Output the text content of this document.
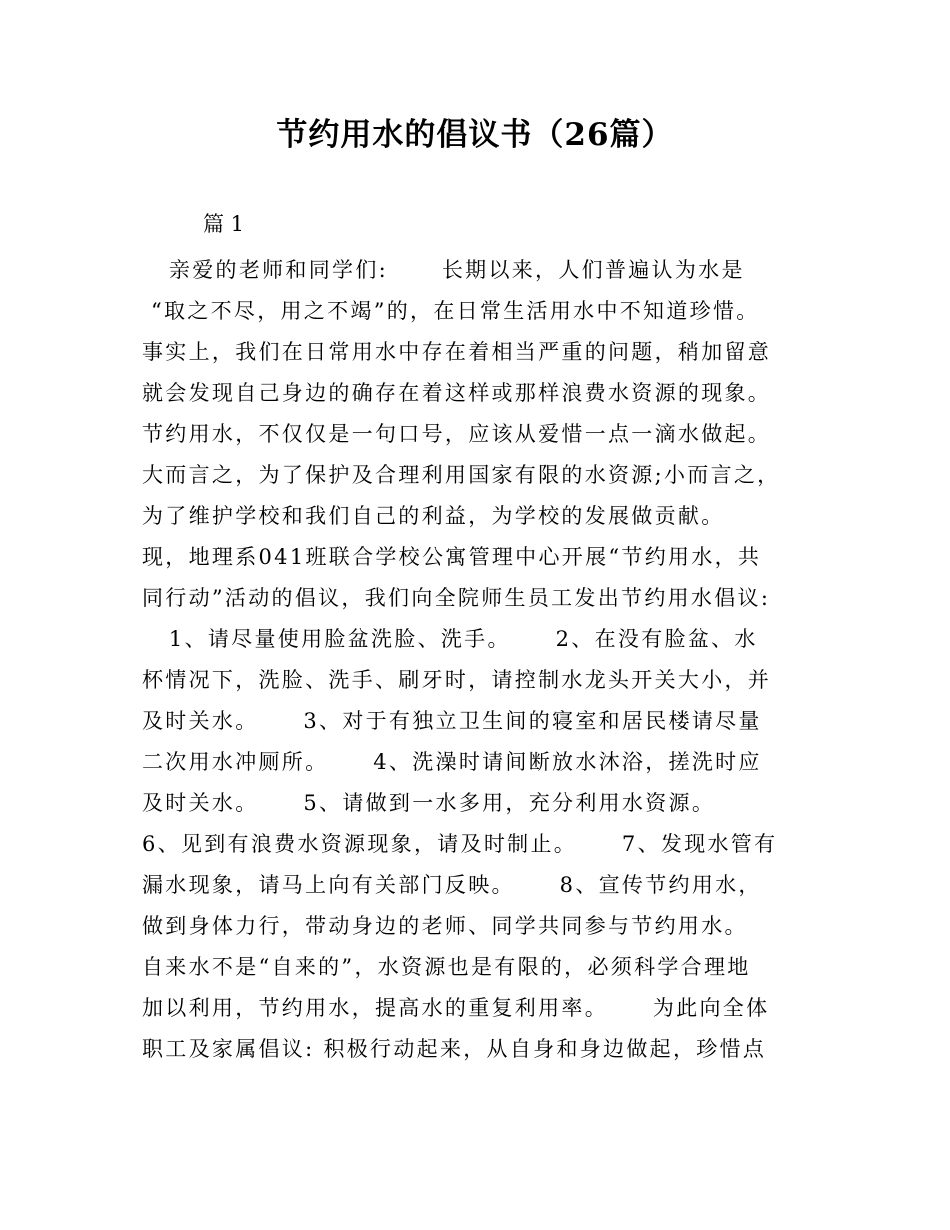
节约用水的倡议书（26篇）
篇 1
亲爱的老师和同学们:      长期以来，人们普遍认为水是
“取之不尽，用之不竭”的，在日常生活用水中不知道珍惜。
事实上，我们在日常用水中存在着相当严重的问题，稍加留意
就会发现自己身边的确存在着这样或那样浪费水资源的现象。
节约用水，不仅仅是一句口号，应该从爱惜一点一滴水做起。
大而言之，为了保护及合理利用国家有限的水资源;小而言之，
为了维护学校和我们自己的利益，为学校的发展做贡献。
现，地理系041班联合学校公寓管理中心开展“节约用水，共
同行动”活动的倡议，我们向全院师生员工发出节约用水倡议:
1、请尽量使用脸盆洗脸、洗手。     2、在没有脸盆、水
杯情况下，洗脸、洗手、刷牙时，请控制水龙头开关大小，并
及时关水。     3、对于有独立卫生间的寝室和居民楼请尽量
二次用水冲厕所。     4、洗澡时请间断放水沐浴，搓洗时应
及时关水。     5、请做到一水多用，充分利用水资源。
6、见到有浪费水资源现象，请及时制止。     7、发现水管有
漏水现象，请马上向有关部门反映。     8、宣传节约用水，
做到身体力行，带动身边的老师、同学共同参与节约用水。
自来水不是“自来的”，水资源也是有限的，必须科学合理地
加以利用，节约用水，提高水的重复利用率。     为此向全体
职工及家属倡议: 积极行动起来，从自身和身边做起，珍惜点
